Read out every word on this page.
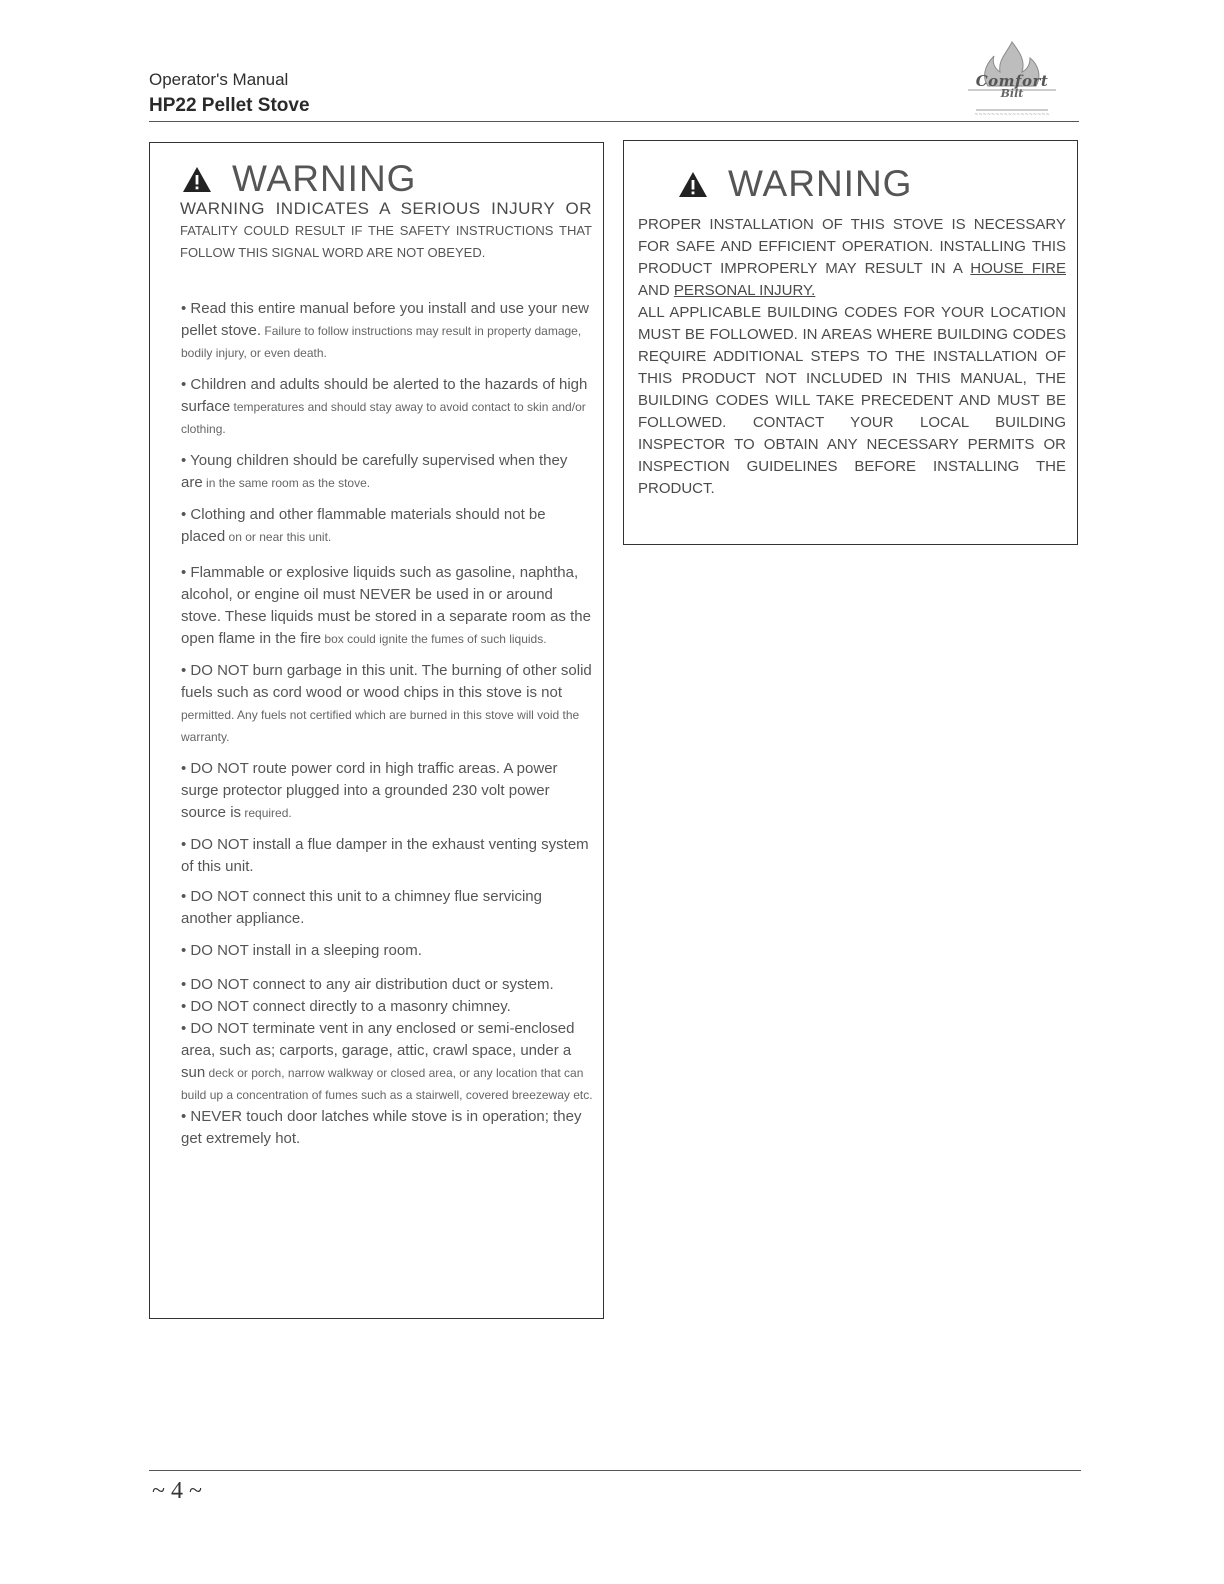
Operator's Manual
HP22 Pellet Stove	~~~~~~~~~~~~~~~~~~
Comfort
Bilt
WARNING
WARNING INDICATES A SERIOUS INJURY OR
FATALITY COULD RESULT IF THE SAFETY INSTRUCTIONS THAT FOLLOW THIS SIGNAL WORD ARE NOT OBEYED.

• Read this entire manual before you install and use your new pellet stove. Failure to follow instructions may result in property damage, bodily injury, or even death.

• Children and adults should be alerted to the hazards of high surface temperatures and should stay away to avoid contact to skin and/or clothing.

• Young children should be carefully supervised when they are in the same room as the stove.

• Clothing and other flammable materials should not be placed on or near this unit.

• Flammable or explosive liquids such as gasoline, naphtha, alcohol, or engine oil must NEVER be used in or around stove. These liquids must be stored in a separate room as the open flame in the fire box could ignite the fumes of such liquids.

• DO NOT burn garbage in this unit. The burning of other solid fuels such as cord wood or wood chips in this stove is not permitted. Any fuels not certified which are burned in this stove will void the warranty.

• DO NOT route power cord in high traffic areas. A power surge protector plugged into a grounded 230 volt power source is required.

• DO NOT install a flue damper in the exhaust venting system of this unit.

• DO NOT connect this unit to a chimney flue servicing another appliance.

• DO NOT install in a sleeping room.

• DO NOT connect to any air distribution duct or system.

• DO NOT connect directly to a masonry chimney.

• DO NOT terminate vent in any enclosed or semi-enclosed area, such as; carports, garage, attic, crawl space, under a sun deck or porch, narrow walkway or closed area, or any location that can build up a concentration of fumes such as a stairwell, covered breezeway etc.

• NEVER touch door latches while stove is in operation; they get extremely hot.

WARNING

PROPER INSTALLATION OF THIS STOVE IS NECESSARY FOR SAFE AND EFFICIENT OPERATION. INSTALLING THIS PRODUCT IMPROPERLY MAY RESULT IN A HOUSE FIRE AND PERSONAL INJURY.

ALL APPLICABLE BUILDING CODES FOR YOUR LOCATION MUST BE FOLLOWED. IN AREAS WHERE BUILDING CODES REQUIRE ADDITIONAL STEPS TO THE INSTALLATION OF THIS PRODUCT NOT INCLUDED IN THIS MANUAL, THE BUILDING CODES WILL TAKE PRECEDENT AND MUST BE FOLLOWED. CONTACT YOUR LOCAL BUILDING INSPECTOR TO OBTAIN ANY NECESSARY PERMITS OR INSPECTION GUIDELINES BEFORE INSTALLING THE PRODUCT.

~ 4 ~
